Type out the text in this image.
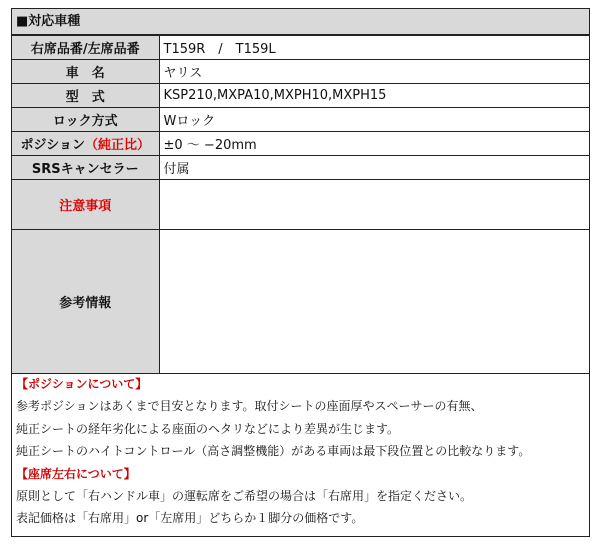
■対応車種
右席品番/左席品番	T159R　/　T159L
車　名	ヤリス
型　式	KSP210,MXPA10,MXPH10,MXPH15
ロック方式	Wロック
ポジション（純正比）	±0 〜 −20mm
SRSキャンセラー	付属
注意事項	
参考情報	
【ポジションについて】
参考ポジションはあくまで目安となります。取付シートの座面厚やスペーサーの有無、
純正シートの経年劣化による座面のヘタリなどにより差異が生じます。
純正シートのハイトコントロール（高さ調整機能）がある車両は最下段位置との比較なります。
【座席左右について】
原則として「右ハンドル車」の運転席をご希望の場合は「右席用」を指定ください。
表記価格は「右席用」or「左席用」どちらか１脚分の価格です。
